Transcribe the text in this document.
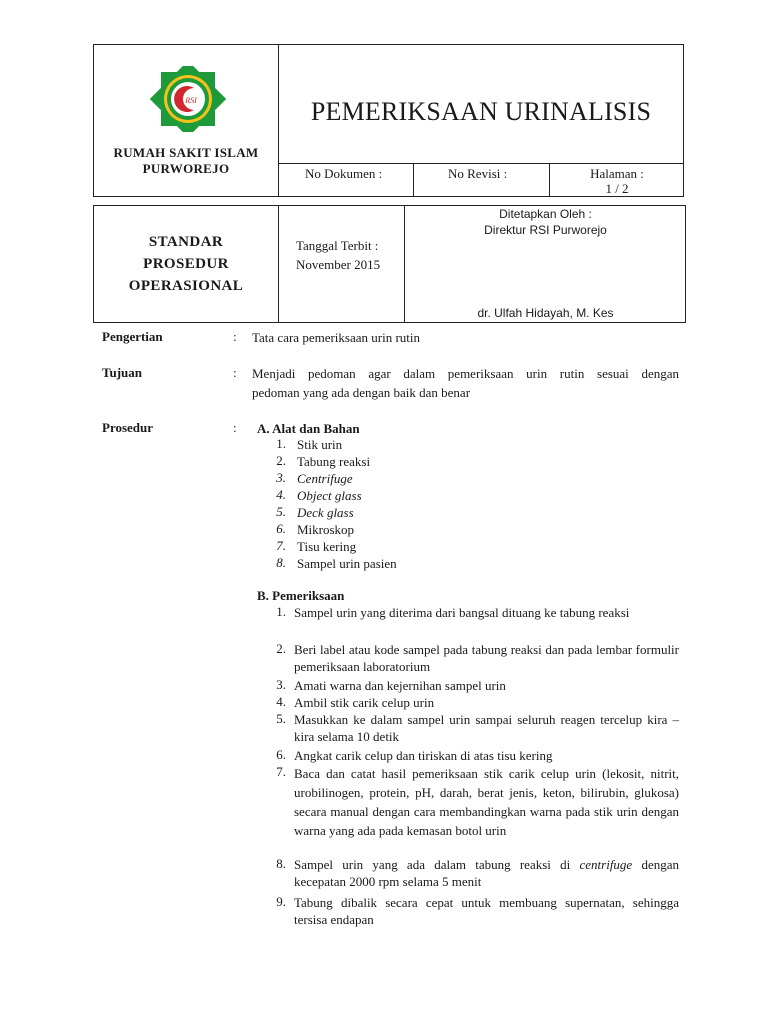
RSI
RUMAH SAKIT ISLAM
PURWOREJO
PEMERIKSAAN URINALISIS
No Dokumen :	No Revisi :	Halaman :
1 / 2
STANDAR
PROSEDUR
OPERASIONAL
Tanggal Terbit :
November 2015
Ditetapkan Oleh :
Direktur RSI Purworejo
dr. Ulfah Hidayah, M. Kes
Pengertian	: Tata cara pemeriksaan urin rutin
Tujuan	: Menjadi pedoman agar dalam pemeriksaan urin rutin sesuai dengan
pedoman yang ada dengan baik dan benar
Prosedur	: A. Alat dan Bahan
1. Stik urin
2. Tabung reaksi
3. Centrifuge
4. Object glass
5. Deck glass
6. Mikroskop
7. Tisu kering
8. Sampel urin pasien
B. Pemeriksaan
1. Sampel urin yang diterima dari bangsal dituang ke tabung reaksi
2. Beri label atau kode sampel pada tabung reaksi dan pada lembar formulir pemeriksaan laboratorium
3. Amati warna dan kejernihan sampel urin
4. Ambil stik carik celup urin
5. Masukkan ke dalam sampel urin sampai seluruh reagen tercelup kira – kira selama 10 detik
6. Angkat carik celup dan tiriskan di atas tisu kering
7. Baca dan catat hasil pemeriksaan stik carik celup urin (lekosit, nitrit, urobilinogen, protein, pH, darah, berat jenis, keton, bilirubin, glukosa) secara manual dengan cara membandingkan warna pada stik urin dengan warna yang ada pada kemasan botol urin
8. Sampel urin yang ada dalam tabung reaksi di centrifuge dengan kecepatan 2000 rpm selama 5 menit
9. Tabung dibalik secara cepat untuk membuang supernatan, sehingga tersisa endapan
